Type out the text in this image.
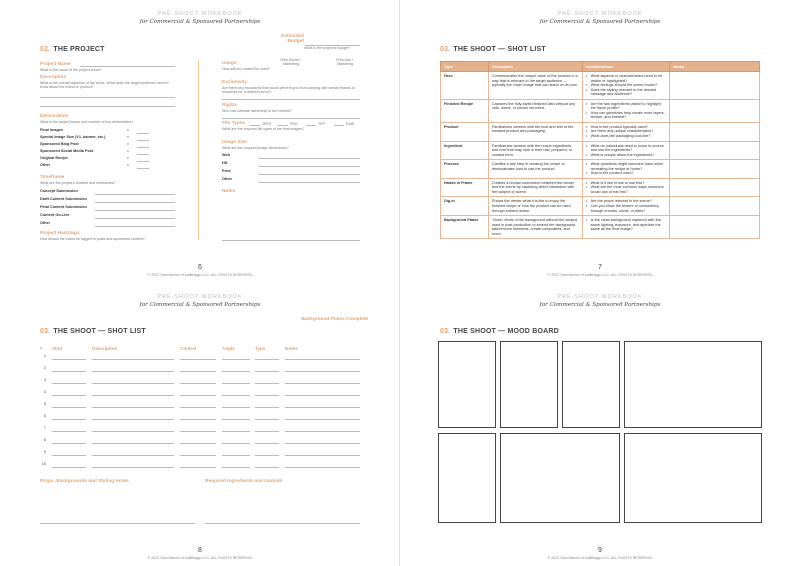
PRE-SHOOT WORKBOOK
for Commercial & Sponsored Partnerships
02. THE PROJECT
Project Name
What is the name of the project shoot?
Description
What is the overall objective of the shoot. What does the target audience need to know about the brand or product?
Deliverables
What is the project scope and number of key deliverables?
Final Images	x
Special Image Size (V1, banner, etc.)	x
Sponsored Blog Post	x
Sponsored Social Media Post	x
Original Recipe	x
Other	x
Timeframe
What are the project's timeline and milestones?
Concept Submission
Draft Content Submission
Final Content Submission
Content Go-Live
Other
Project Hashtags
How should the brand be tagged in posts and sponsored content?
Estimated Budget
What is the project's budget?
Usage
How will the content be used?
Web Social + Marketing
Print Ads + Marketing
Exclusivity
Are there any exclusions that would prevent you from working with similar brands or industries for a defined period?
Rights
Who has ultimate ownership of the content?
File Types
What are the required file types of the final images?
JPEG	PNG	TIFF	RAW
Image Size
What are the required image dimensions?
Web
HD
Print
Other
Notes
6
© 2023 Sam Nelson of eatitthsgrp LLC. ALL RIGHTS RESERVED
PRE-SHOOT WORKBOOK
for Commercial & Sponsored Partnerships
03. THE SHOOT — SHOT LIST
Type	Description	Considerations	Notes
Hero	Communicates the unique value of the product in a way that is relevant to the target audience — typically the 'main' image that can stand on its own.	• What aspects or characteristics need to be visible or highlighted?
• What feelings should the scene invoke?
• Does the styling relevant to the desired message and audience?

Finished Recipe	Captures the fully-styled finished dish without any cuts, slices, or pieces removed.	• Are the raw ingredients visible to highlight the flavor profile?
• How can garnishes help create more layers, texture, and interest?

Product	Familiarizes viewers with the look and feel of the emailed product and packaging.	• How is the product typically used?
• Are there any unique characteristics?
• What does the packaging look like?

Ingredient	Familiarizes viewers with the recipe ingredients and how that may look in their raw, prepared, or cooked form.	• What do individuals need to know to source and use the ingredients?
• What is unique about the ingredients?

Process	Clarifies a key step in creating the recipe or demonstrates how to use the product.	• What questions might someone have when recreating the recipe at home?
• How is the product used?

Hands in Frame	Creates a human connection between the viewer and the scene by capturing direct interaction with the subject or scene.	• What is it like to eat or use this?
• What are the most common ways someone would use or eat this?

Dig-in	Shows the viewer what it is like to enjoy the finished recipe or how the product can be used through indirect action.	• Are the props relevant to the scene?
• Can you show the texture or consistency through crumbs, slices, or bites?

Background Plates	'Clean' shots of the background without the subject used in post-production to extend the background, add/remove elements, create composites, and more.	• Is the clean background captured with the same lighting, exposure, and aperture the same as the final image?

7
© 2023 Sam Nelson of eatitthsgrp LLC. ALL RIGHTS RESERVED
PRE-SHOOT WORKBOOK
for Commercial & Sponsored Partnerships
Background Plates Complete
03. THE SHOOT — SHOT LIST
# Shot	Description	Control	Angle	Type	Notes
1
2
3
4
5
6
7
8
9
10
Props, Backgrounds and Styling Notes	Required Ingredients and Garnish
8
© 2023 Sam Nelson of eatitthsgrp LLC. ALL RIGHTS RESERVED
PRE-SHOOT WORKBOOK
for Commercial & Sponsored Partnerships
03. THE SHOOT — MOOD BOARD
9
© 2023 Sam Nelson of eatitthsgrp LLC. ALL RIGHTS RESERVED
